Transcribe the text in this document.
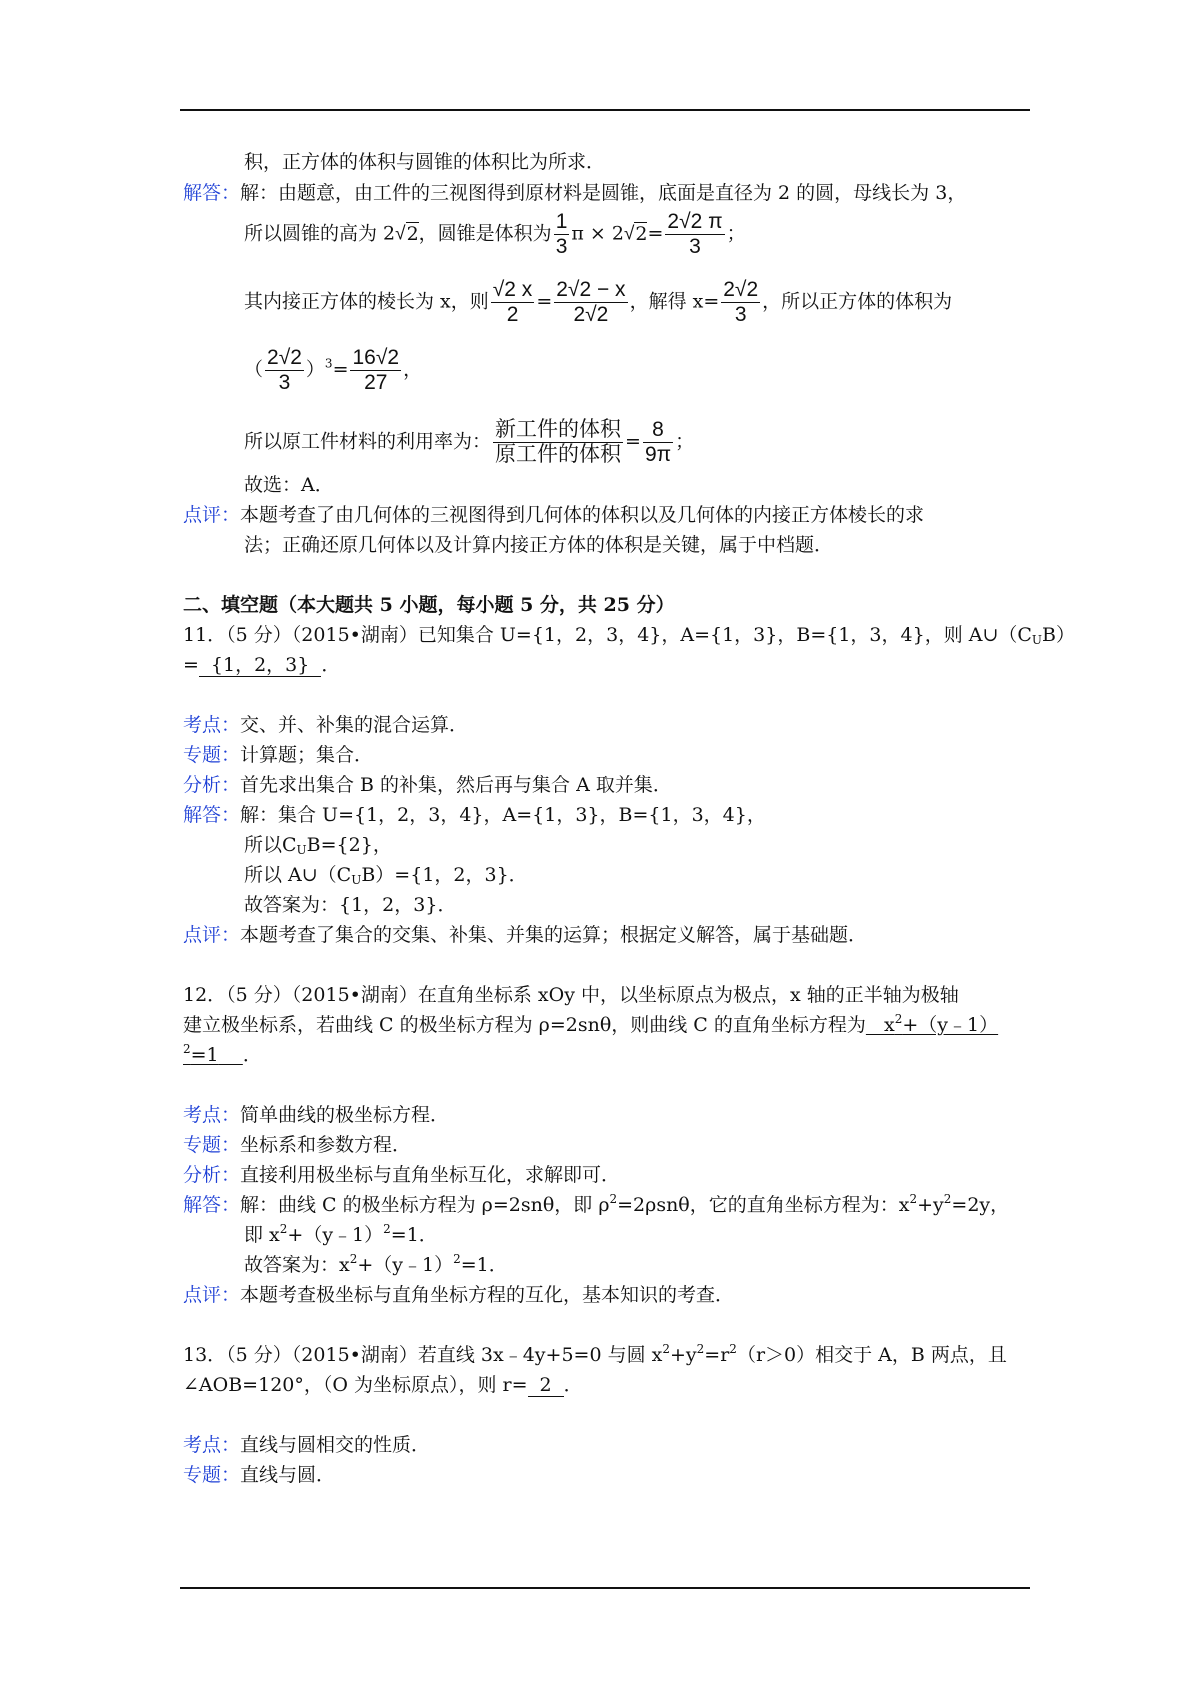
积，正方体的体积与圆锥的体积比为所求．
解答：解：由题意，由工件的三视图得到原材料是圆锥，底面是直径为 2 的圆，母线长为 3，
所以圆锥的高为 2√2，圆锥是体积为 $\frac{1}{3}$ $\pi \times 2√2= \frac{2√2 \pi}{3}$ ；
其内接正方体的棱长为 x，则 $\frac{√2 x}{2} = \frac{2√2 - x}{2√2}$ ，解得 $x= \frac{2√2}{3}$ ，所以正方体的体积为
（ $\frac{2√2}{3} )^3= \frac{16√2}{27}$ ，
所以原工件材料的利用率为： $\frac{\text{新工件的体积}}{\text{原工件的体积}} = \frac{8}{9\pi}$ ；
故选：A．
点评：本题考查了由几何体的三视图得到几何体的体积以及几何体的内接正方体棱长的求
法；正确还原几何体以及计算内接正方体的体积是关键，属于中档题．
二、填空题（本大题共 5 小题，每小题 5 分，共 25 分）
11．（5 分）（2015•湖南）已知集合 U={1，2，3，4}，A={1，3}，B={1，3，4}，则 $A\cup(C_UB)$
= {1，2，3} ．
考点：交、并、补集的混合运算．
专题：计算题；集合．
分析：首先求出集合 B 的补集，然后再与集合 A 取并集．
解答：解：集合 U={1，2，3，4}，A={1，3}，B={1，3，4}，
所以$C_UB=\{2\}$，
所以 $A\cup(C_UB)=\{1$，2，3}．
故答案为：{1，2，3}．
点评：本题考查了集合的交集、补集、并集的运算；根据定义解答，属于基础题．
12．（5 分）（2015•湖南）在直角坐标系 xOy 中，以坐标原点为极点，x 轴的正半轴为极轴
建立极坐标系，若曲线 C 的极坐标方程为 ρ=2snθ，则曲线 C 的直角坐标方程为 $x^2+(y﹣1)$
$^2$=1 ．
考点：简单曲线的极坐标方程．
专题：坐标系和参数方程．
分析：直接利用极坐标与直角坐标互化，求解即可．
解答：解：曲线 C 的极坐标方程为 ρ=2snθ，即 $\rho^2=2\rho sn\theta$，它的直角坐标方程为：$x^2+y^2=2y$，
即 $x^2+(y﹣1)^2=1$．
故答案为：$x^2+(y﹣1)^2=1$．
点评：本题考查极坐标与直角坐标方程的互化，基本知识的考查．
13．（5 分）（2015•湖南）若直线 3x﹣4y+5=0 与圆 $x^2+y^2=r^2(r>0)$相交于 A，B 两点，且
∠AOB=120°，（O 为坐标原点），则 r= 2 ．
考点：直线与圆相交的性质．
专题：直线与圆．
